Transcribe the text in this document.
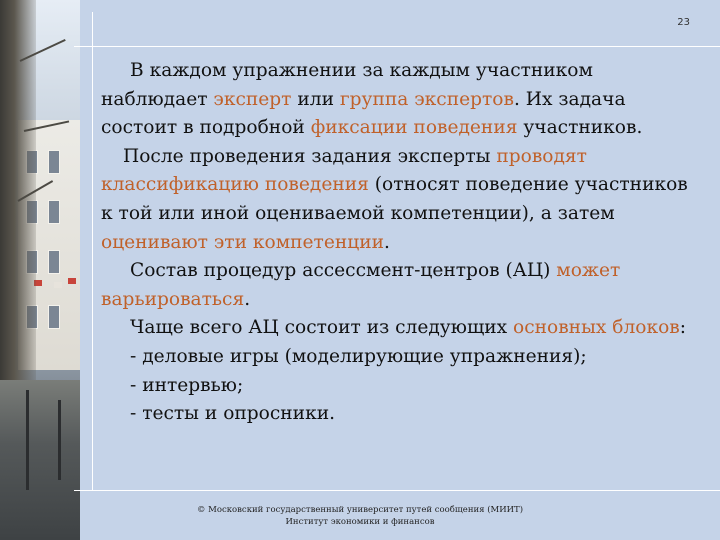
23

В каждом упражнении за каждым участником наблюдает эксперт или группа экспертов. Их задача состоит в подробной фиксации поведения участников.

После проведения задания эксперты проводят классификацию поведения (относят поведение участников к той или иной оцениваемой компетенции), а затем оценивают эти компетенции.

Состав процедур ассессмент-центров (АЦ) может варьироваться.

Чаще всего АЦ состоит из следующих основных блоков:

- деловые игры (моделирующие упражнения);

- интервью;

- тесты и опросники.

© Московский государственный университет путей сообщения (МИИТ)
Институт экономики и финансов
